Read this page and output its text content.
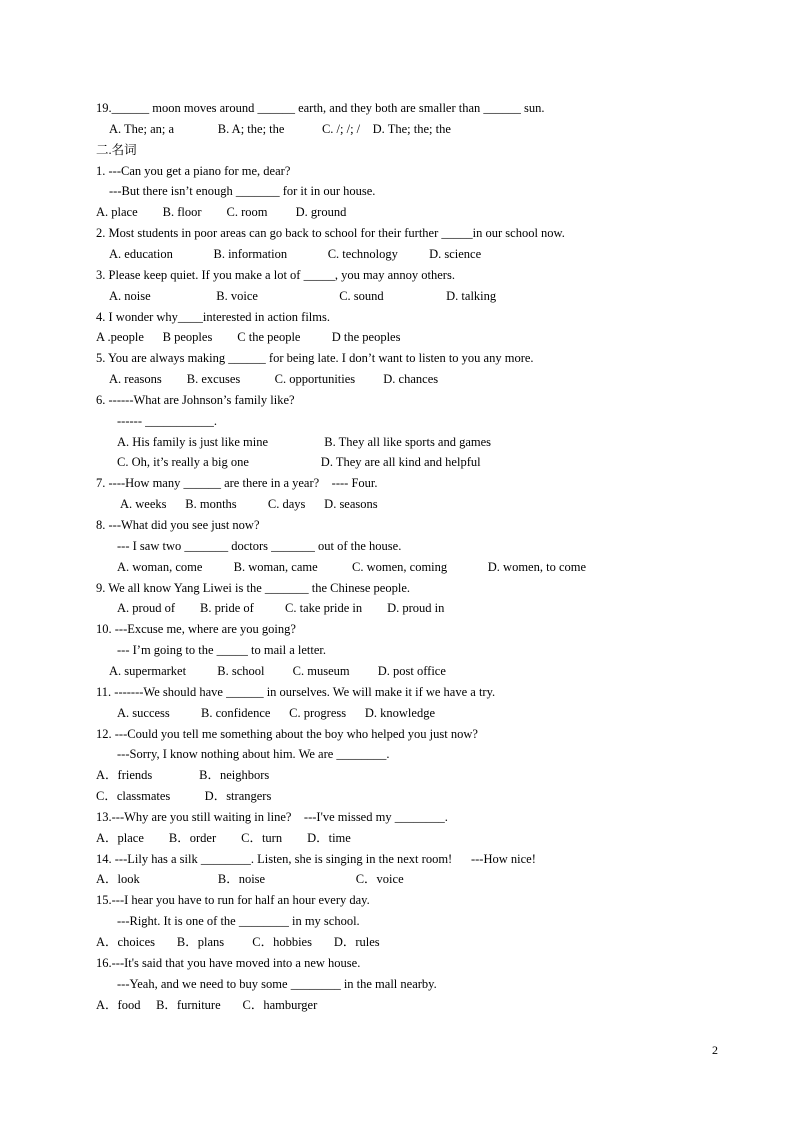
19.______ moon moves around ______ earth, and they both are smaller than ______ sun.
A. The; an; a              B. A; the; the            C. /; /; /    D. The; the; the
二.名词
1. ---Can you get a piano for me, dear?
---But there isn’t enough _______ for it in our house.
A. place        B. floor        C. room         D. ground
2. Most students in poor areas can go back to school for their further _____in our school now.
A. education             B. information             C. technology          D. science
3. Please keep quiet. If you make a lot of _____, you may annoy others.
A. noise                     B. voice                          C. sound                    D. talking
4. I wonder why____interested in action films.
A .people      B peoples        C the people          D the peoples
5. You are always making ______ for being late. I don’t want to listen to you any more.
A. reasons        B. excuses           C. opportunities         D. chances
6. ------What are Johnson’s family like?
------ ___________.
A. His family is just like mine                  B. They all like sports and games
C. Oh, it’s really a big one                       D. They are all kind and helpful
7. ----How many ______ are there in a year?    ---- Four.
A. weeks      B. months          C. days      D. seasons
8. ---What did you see just now?
--- I saw two _______ doctors _______ out of the house.
A. woman, come          B. woman, came           C. women, coming             D. women, to come
9. We all know Yang Liwei is the _______ the Chinese people.
A. proud of        B. pride of          C. take pride in        D. proud in
10. ---Excuse me, where are you going?
--- I’m going to the _____ to mail a letter.
A. supermarket          B. school         C. museum         D. post office
11. -------We should have ______ in ourselves. We will make it if we have a try.
A. success          B. confidence      C. progress      D. knowledge
12. ---Could you tell me something about the boy who helped you just now?
---Sorry, I know nothing about him. We are ________.
A．friends               B．neighbors
C．classmates           D．strangers
13.---Why are you still waiting in line?    ---I've missed my ________.
A．place        B．order        C．turn        D．time
14. ---Lily has a silk ________. Listen, she is singing in the next room!      ---How nice!
A．look                         B．noise                             C．voice
15.---I hear you have to run for half an hour every day.
---Right. It is one of the ________ in my school.
A．choices       B．plans         C．hobbies       D．rules
16.---It's said that you have moved into a new house.
---Yeah, and we need to buy some ________ in the mall nearby.
A．food     B．furniture       C．hamburger
2
